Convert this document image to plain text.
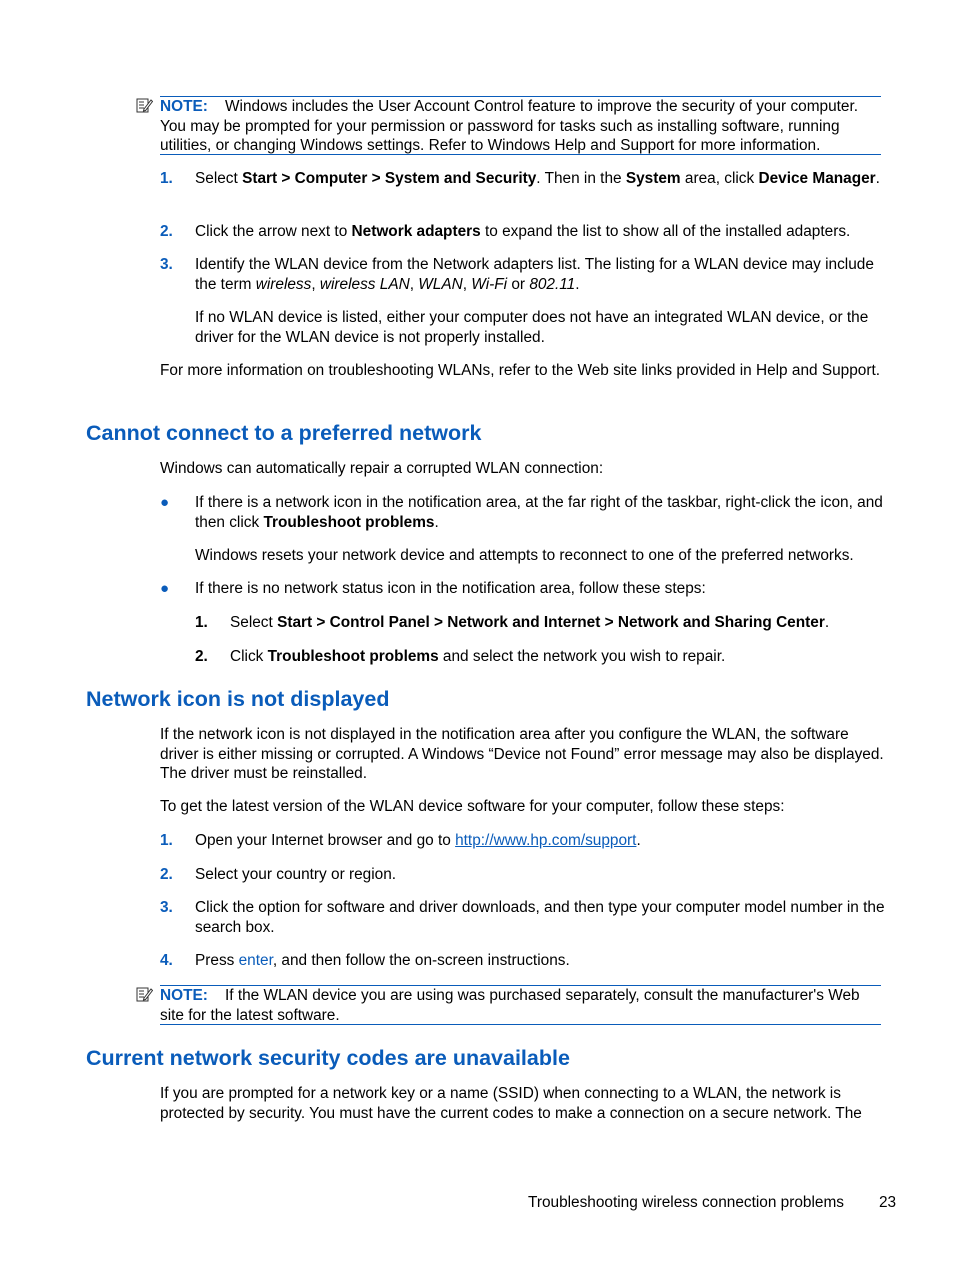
NOTE: Windows includes the User Account Control feature to improve the security of your computer. You may be prompted for your permission or password for tasks such as installing software, running utilities, or changing Windows settings. Refer to Windows Help and Support for more information.
1. Select Start > Computer > System and Security. Then in the System area, click Device Manager.
2. Click the arrow next to Network adapters to expand the list to show all of the installed adapters.
3. Identify the WLAN device from the Network adapters list. The listing for a WLAN device may include the term wireless, wireless LAN, WLAN, Wi-Fi or 802.11.
If no WLAN device is listed, either your computer does not have an integrated WLAN device, or the driver for the WLAN device is not properly installed.
For more information on troubleshooting WLANs, refer to the Web site links provided in Help and Support.
Cannot connect to a preferred network
Windows can automatically repair a corrupted WLAN connection:
● If there is a network icon in the notification area, at the far right of the taskbar, right-click the icon, and then click Troubleshoot problems.
Windows resets your network device and attempts to reconnect to one of the preferred networks.
● If there is no network status icon in the notification area, follow these steps:
1. Select Start > Control Panel > Network and Internet > Network and Sharing Center.
2. Click Troubleshoot problems and select the network you wish to repair.
Network icon is not displayed
If the network icon is not displayed in the notification area after you configure the WLAN, the software driver is either missing or corrupted. A Windows “Device not Found” error message may also be displayed. The driver must be reinstalled.
To get the latest version of the WLAN device software for your computer, follow these steps:
1. Open your Internet browser and go to http://www.hp.com/support.
2. Select your country or region.
3. Click the option for software and driver downloads, and then type your computer model number in the search box.
4. Press enter, and then follow the on-screen instructions.
NOTE: If the WLAN device you are using was purchased separately, consult the manufacturer's Web site for the latest software.
Current network security codes are unavailable
If you are prompted for a network key or a name (SSID) when connecting to a WLAN, the network is protected by security. You must have the current codes to make a connection on a secure network. The
Troubleshooting wireless connection problems 23
